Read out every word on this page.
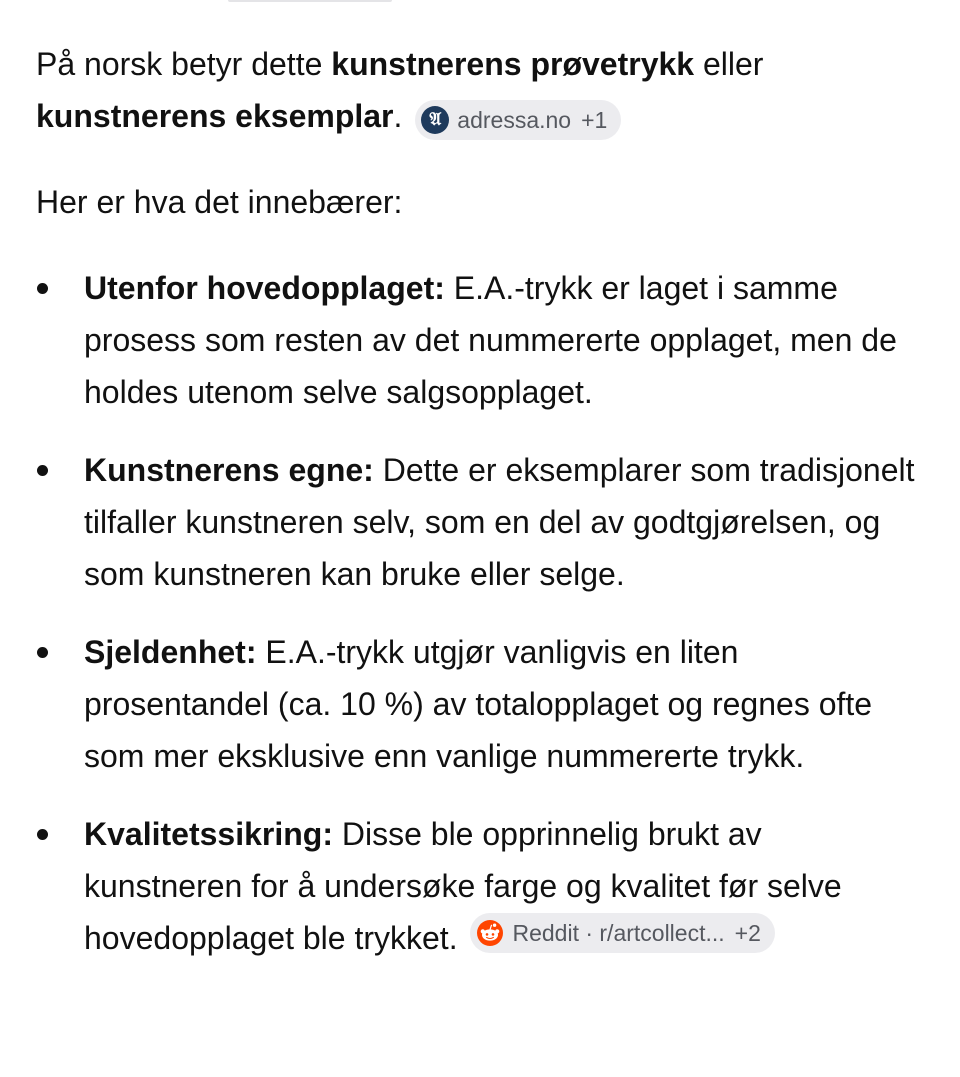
På norsk betyr dette kunstnerens prøvetrykk eller kunstnerens eksemplar.	𝔄 adressa.no +1

Her er hva det innebærer:

Utenfor hovedopplaget: E.A.-trykk er laget i samme prosess som resten av det nummererte opplaget, men de holdes utenom selve salgsopplaget.
Kunstnerens egne: Dette er eksemplarer som tradisjonelt tilfaller kunstneren selv, som en del av godtgjørelsen, og som kunstneren kan bruke eller selge.
Sjeldenhet: E.A.-trykk utgjør vanligvis en liten prosentandel (ca. 10 %) av totalopplaget og regnes ofte som mer eksklusive enn vanlige nummererte trykk.
Kvalitetssikring: Disse ble opprinnelig brukt av kunstneren for å undersøke farge og kvalitet før selve hovedopplaget ble trykket. Reddit · r/artcollect... +2
